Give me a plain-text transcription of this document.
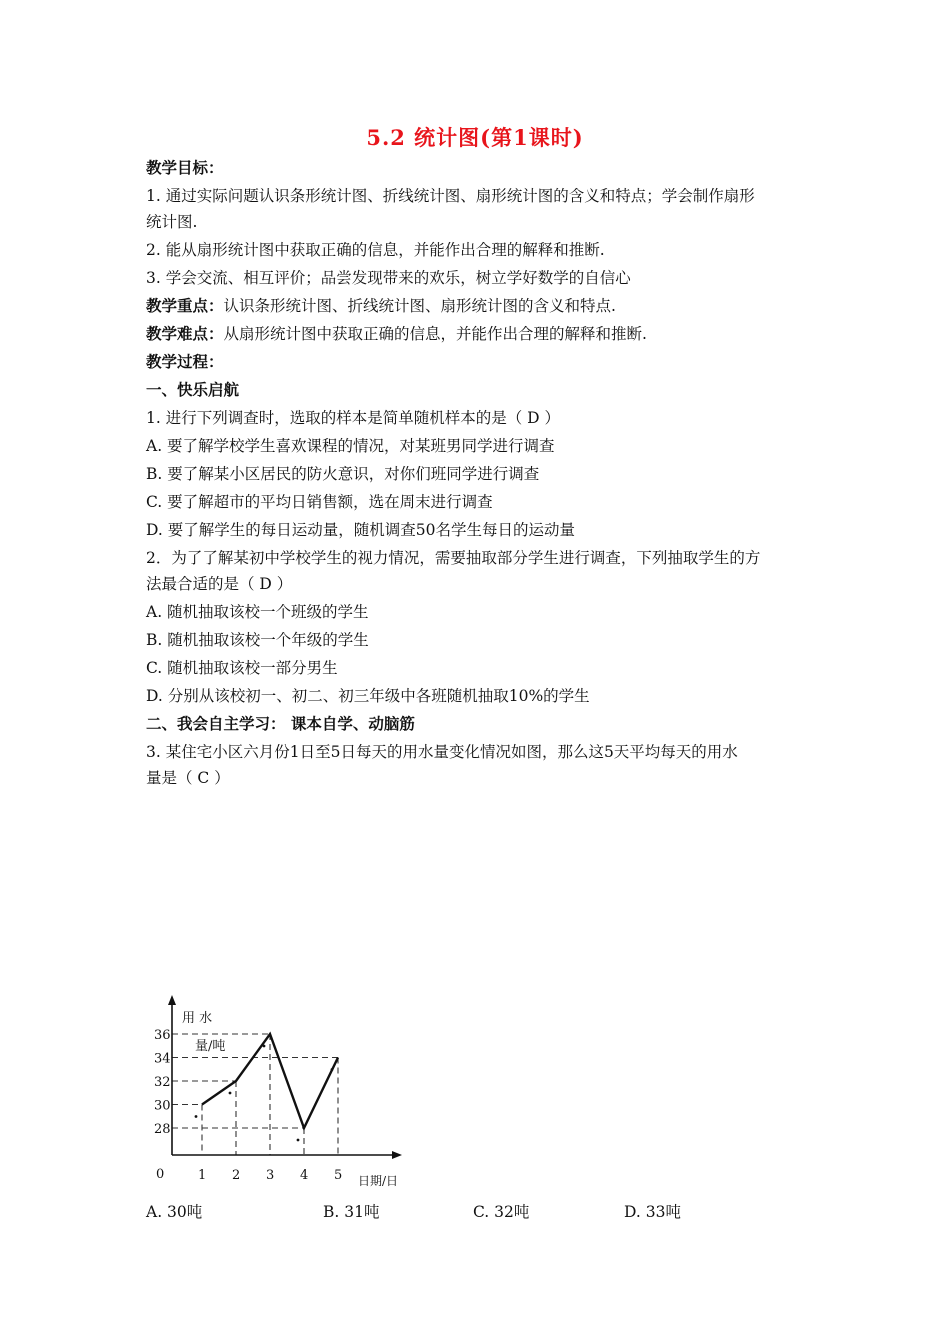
5.2 统计图(第1课时)
教学目标：
1. 通过实际问题认识条形统计图、折线统计图、扇形统计图的含义和特点；学会制作扇形
统计图.
2. 能从扇形统计图中获取正确的信息，并能作出合理的解释和推断.
3. 学会交流、相互评价；品尝发现带来的欢乐，树立学好数学的自信心
教学重点：认识条形统计图、折线统计图、扇形统计图的含义和特点.
教学难点：从扇形统计图中获取正确的信息，并能作出合理的解释和推断.
教学过程：
一、快乐启航
1. 进行下列调查时，选取的样本是简单随机样本的是（ D ）
A. 要了解学校学生喜欢课程的情况，对某班男同学进行调查
B. 要了解某小区居民的防火意识，对你们班同学进行调查
C. 要了解超市的平均日销售额，选在周末进行调查
D. 要了解学生的每日运动量，随机调查50名学生每日的运动量
2．为了了解某初中学校学生的视力情况，需要抽取部分学生进行调查，下列抽取学生的方
法最合适的是（ D ）
A. 随机抽取该校一个班级的学生
B. 随机抽取该校一个年级的学生
C. 随机抽取该校一部分男生
D. 分别从该校初一、初二、初三年级中各班随机抽取10%的学生
二、我会自主学习： 课本自学、动脑筋
3. 某住宅小区六月份1日至5日每天的用水量变化情况如图，那么这5天平均每天的用水
量是（ C ）
用 水
量/吨
0	日期/日
28
30
32
34
36
1 2 3 4 5
A. 30吨	B. 31吨	C. 32吨	D. 33吨
